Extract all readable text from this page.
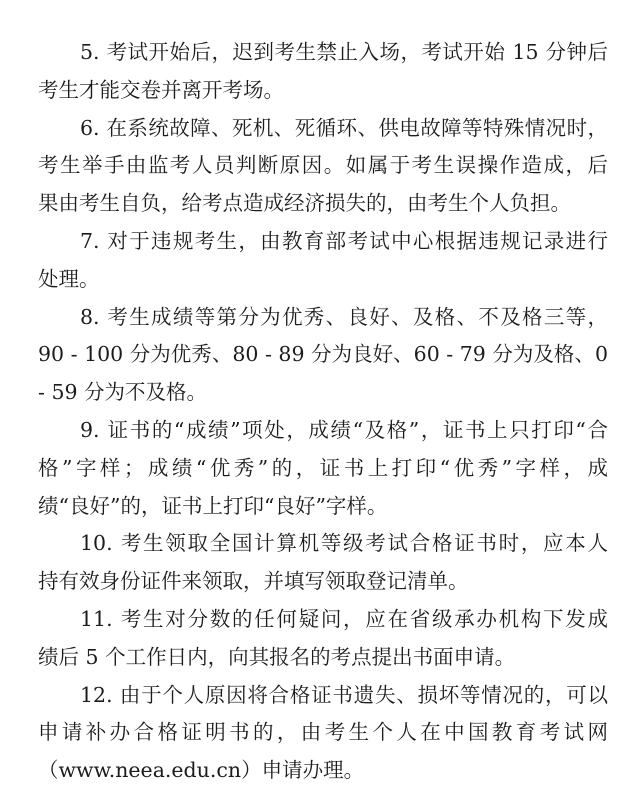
5. 考试开始后，迟到考生禁止入场，考试开始 15 分钟后
考生才能交卷并离开考场。
6. 在系统故障、死机、死循环、供电故障等特殊情况时，
考生举手由监考人员判断原因。如属于考生误操作造成，后
果由考生自负，给考点造成经济损失的，由考生个人负担。
7. 对于违规考生，由教育部考试中心根据违规记录进行
处理。
8. 考生成绩等第分为优秀、良好、及格、不及格三等，
90 - 100 分为优秀、80 - 89 分为良好、60 - 79 分为及格、0
- 59 分为不及格。
9. 证书的“成绩”项处，成绩“及格”，证书上只打印“合
格”字样；成绩“优秀”的，证书上打印“优秀”字样，成
绩“良好”的，证书上打印“良好”字样。
10. 考生领取全国计算机等级考试合格证书时，应本人
持有效身份证件来领取，并填写领取登记清单。
11. 考生对分数的任何疑问，应在省级承办机构下发成
绩后 5 个工作日内，向其报名的考点提出书面申请。
12. 由于个人原因将合格证书遗失、损坏等情况的，可以
申请补办合格证明书的，由考生个人在中国教育考试网
（www.neea.edu.cn）申请办理。
